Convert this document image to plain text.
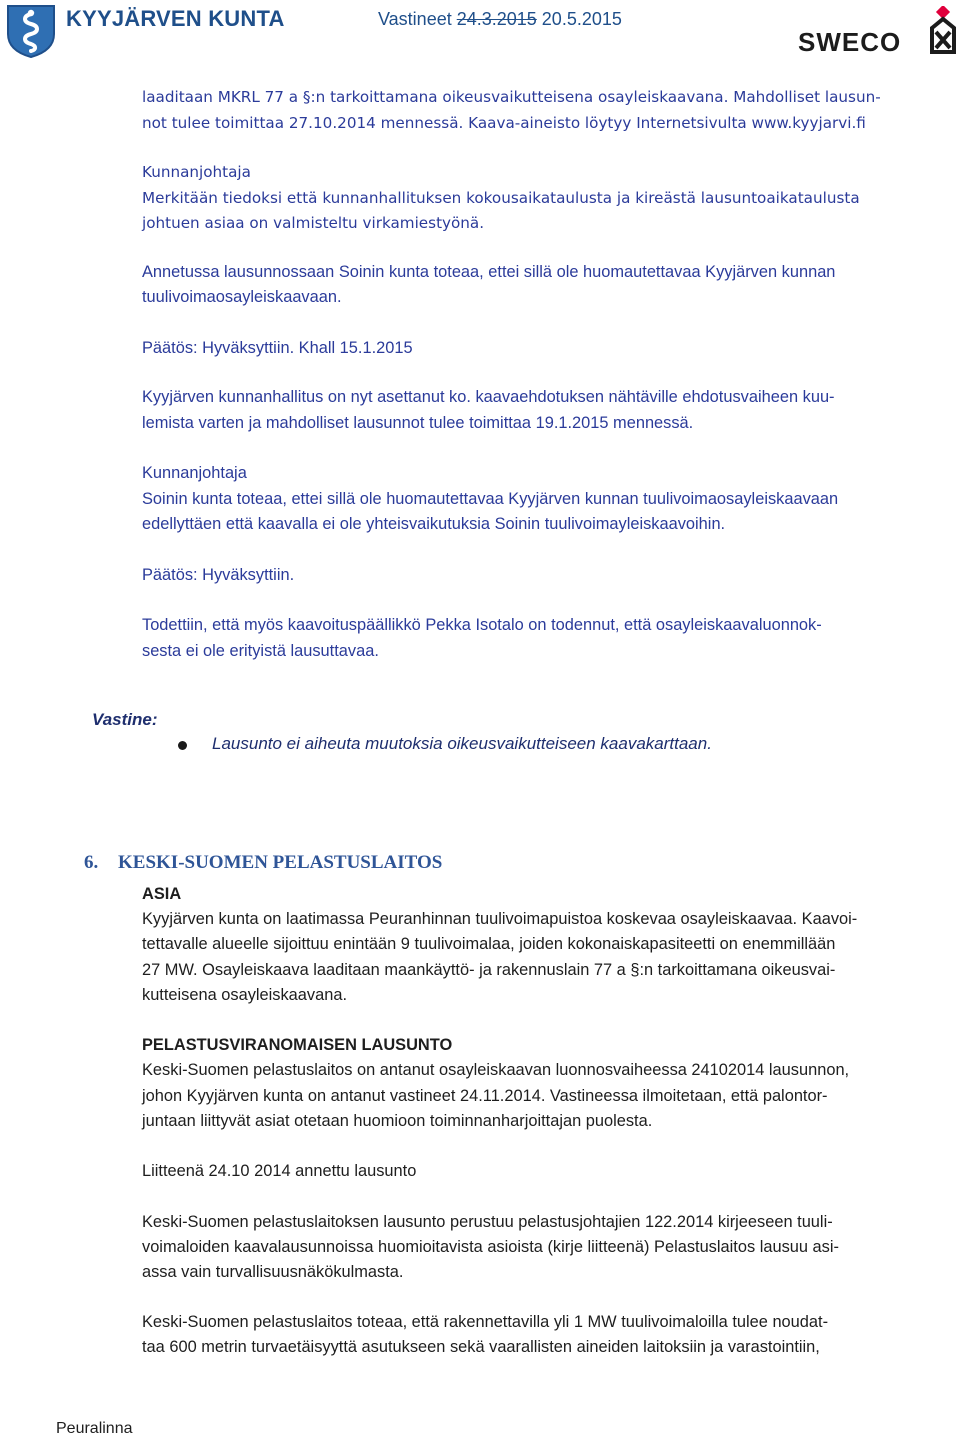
KYYJÄRVEN KUNTA	Vastineet 24.3.2015 20.5.2015
SWECO

laaditaan MKRL 77 a §:n tarkoittamana oikeusvaikutteisena osayleiskaavana. Mahdolliset lausun-

not tulee toimittaa 27.10.2014 mennessä. Kaava-aineisto löytyy Internetsivulta www.kyyjarvi.fi

Kunnanjohtaja

Merkitään tiedoksi että kunnanhallituksen kokousaikataulusta ja kireästä lausuntoaikataulusta

johtuen asiaa on valmisteltu virkamiestyönä.

Annetussa lausunnossaan Soinin kunta toteaa, ettei sillä ole huomautettavaa Kyyjärven kunnan

tuulivoimaosayleiskaavaan.

Päätös: Hyväksyttiin. Khall 15.1.2015

Kyyjärven kunnanhallitus on nyt asettanut ko. kaavaehdotuksen nähtäville ehdotusvaiheen kuu-

lemista varten ja mahdolliset lausunnot tulee toimittaa 19.1.2015 mennessä.

Kunnanjohtaja

Soinin kunta toteaa, ettei sillä ole huomautettavaa Kyyjärven kunnan tuulivoimaosayleiskaavaan

edellyttäen että kaavalla ei ole yhteisvaikutuksia Soinin tuulivoimayleiskaavoihin.

Päätös: Hyväksyttiin.

Todettiin, että myös kaavoituspäällikkö Pekka Isotalo on todennut, että osayleiskaavaluonnok-

sesta ei ole erityistä lausuttavaa.

Vastine:
Lausunto ei aiheuta muutoksia oikeusvaikutteiseen kaavakarttaan.
6. KESKI-SUOMEN PELASTUSLAITOS

ASIA

Kyyjärven kunta on laatimassa Peuranhinnan tuulivoimapuistoa koskevaa osayleiskaavaa. Kaavoi-

tettavalle alueelle sijoittuu enintään 9 tuulivoimalaa, joiden kokonaiskapasiteetti on enemmillään

27 MW. Osayleiskaava laaditaan maankäyttö- ja rakennuslain 77 a §:n tarkoittamana oikeusvai-

kutteisena osayleiskaavana.

PELASTUSVIRANOMAISEN LAUSUNTO

Keski-Suomen pelastuslaitos on antanut osayleiskaavan luonnosvaiheessa 24102014 lausunnon,

johon Kyyjärven kunta on antanut vastineet 24.11.2014. Vastineessa ilmoitetaan, että palontor-

juntaan liittyvät asiat otetaan huomioon toiminnanharjoittajan puolesta.

Liitteenä 24.10 2014 annettu lausunto

Keski-Suomen pelastuslaitoksen lausunto perustuu pelastusjohtajien 122.2014 kirjeeseen tuuli-

voimaloiden kaavalausunnoissa huomioitavista asioista (kirje liitteenä) Pelastuslaitos lausuu asi-

assa vain turvallisuusnäkökulmasta.

Keski-Suomen pelastuslaitos toteaa, että rakennettavilla yli 1 MW tuulivoimaloilla tulee noudat-

taa 600 metrin turvaetäisyyttä asutukseen sekä vaarallisten aineiden laitoksiin ja varastointiin,

Peuralinna
